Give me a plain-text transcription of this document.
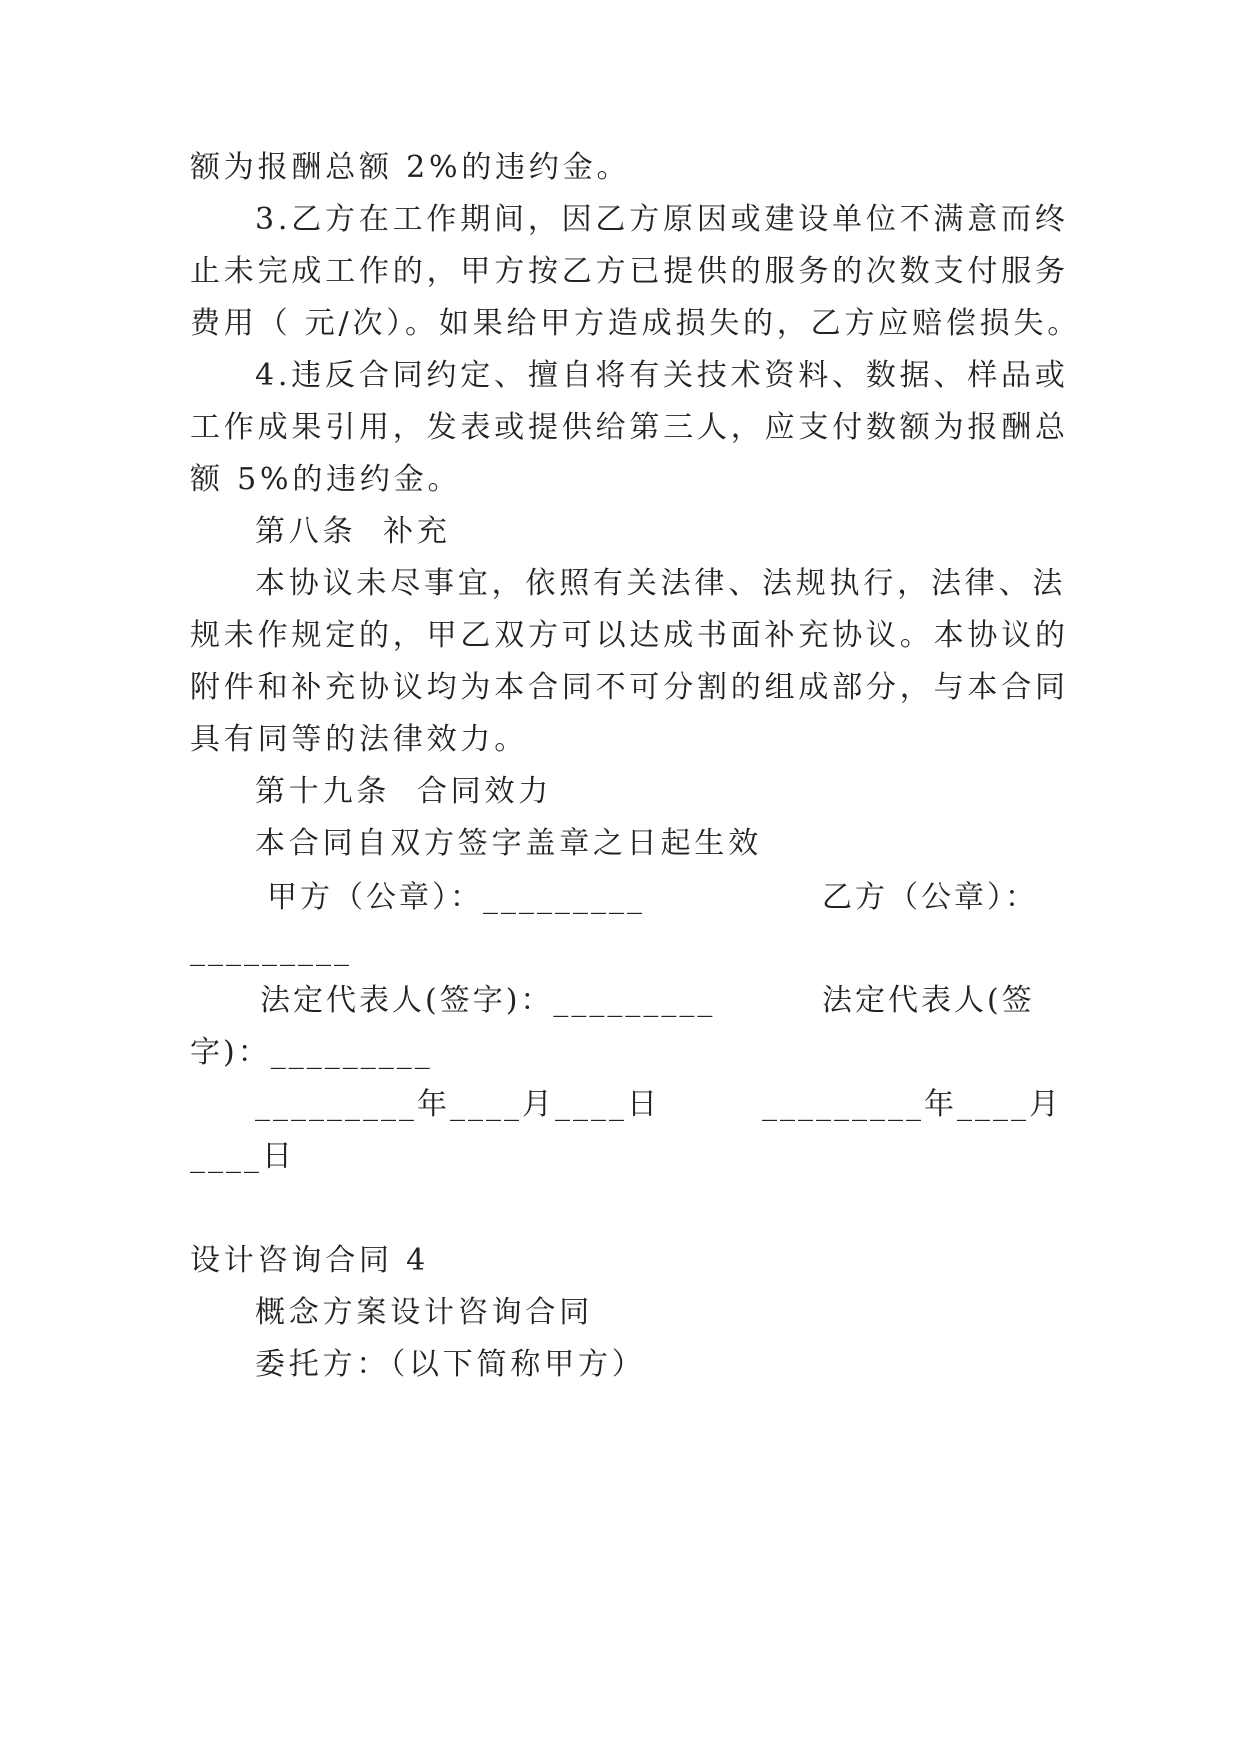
额为报酬总额 2%的违约金。
3.乙方在工作期间，因乙方原因或建设单位不满意而终
止未完成工作的，甲方按乙方已提供的服务的次数支付服务
费用（ 元/次）。如果给甲方造成损失的，乙方应赔偿损失。
4.违反合同约定、擅自将有关技术资料、数据、样品或
工作成果引用，发表或提供给第三人，应支付数额为报酬总
额 5%的违约金。
第八条  补充
本协议未尽事宜，依照有关法律、法规执行，法律、法
规未作规定的，甲乙双方可以达成书面补充协议。本协议的
附件和补充协议均为本合同不可分割的组成部分，与本合同
具有同等的法律效力。
第十九条  合同效力
本合同自双方签字盖章之日起生效
甲方（公章）：_________	乙方（公章）：
_________
法定代表人(签字)：_________	法定代表人(签
字)：_________
_________年____月____日	_________年____月
____日
设计咨询合同 4
概念方案设计咨询合同
委托方：（以下简称甲方）
